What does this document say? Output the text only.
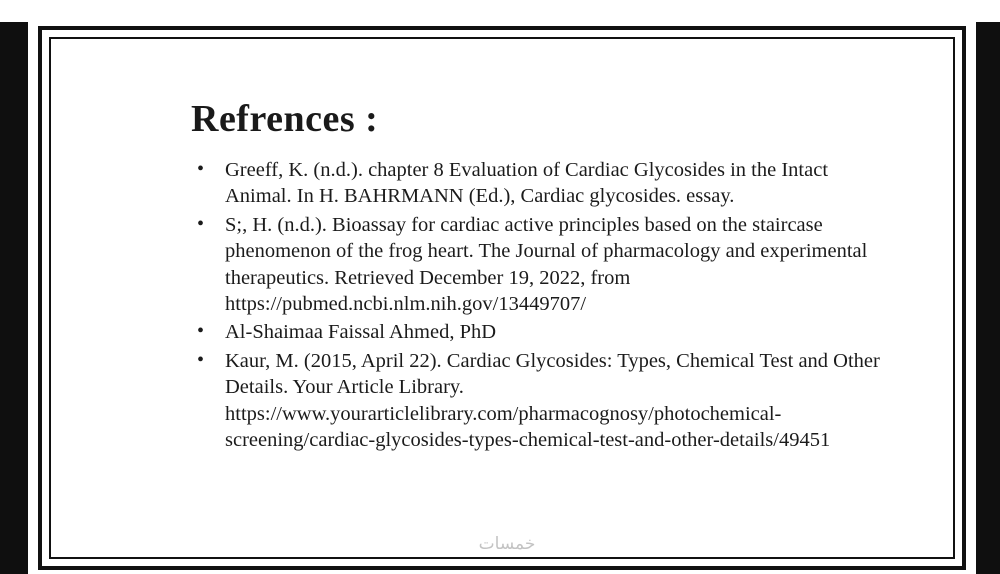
Refrences :
• Greeff, K. (n.d.). chapter 8 Evaluation of Cardiac Glycosides in the Intact Animal. In H. BAHRMANN (Ed.), Cardiac glycosides. essay.
• S;, H. (n.d.). Bioassay for cardiac active principles based on the staircase phenomenon of the frog heart. The Journal of pharmacology and experimental therapeutics. Retrieved December 19, 2022, from https://pubmed.ncbi.nlm.nih.gov/13449707/
• Al-Shaimaa Faissal Ahmed, PhD
• Kaur, M. (2015, April 22). Cardiac Glycosides: Types, Chemical Test and Other Details. Your Article Library. https://www.yourarticlelibrary.com/pharmacognosy/photochemical-screening/cardiac-glycosides-types-chemical-test-and-other-details/49451
خمسات
